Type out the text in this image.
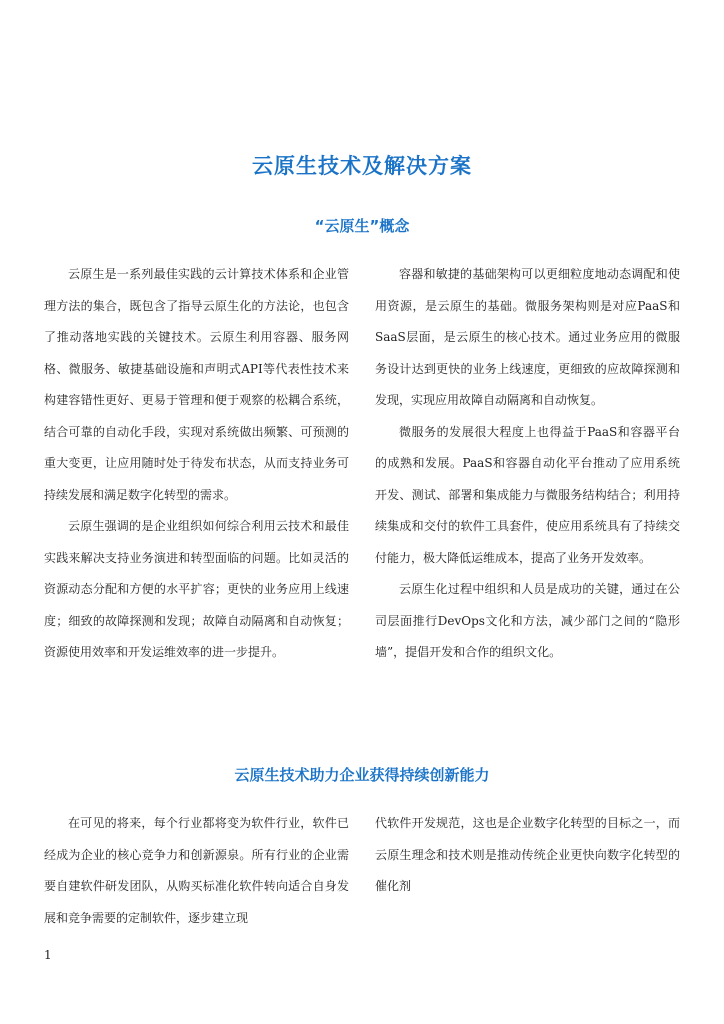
云原生技术及解决方案
“云原生”概念

云原生是一系列最佳实践的云计算技术体系和企业管理方法的集合，既包含了指导云原生化的方法论，也包含了推动落地实践的关键技术。云原生利用容器、服务网格、微服务、敏捷基础设施和声明式API等代表性技术来构建容错性更好、更易于管理和便于观察的松耦合系统，结合可靠的自动化手段，实现对系统做出频繁、可预测的重大变更，让应用随时处于待发布状态，从而支持业务可持续发展和满足数字化转型的需求。

云原生强调的是企业组织如何综合利用云技术和最佳实践来解决支持业务演进和转型面临的问题。比如灵活的资源动态分配和方便的水平扩容；更快的业务应用上线速度；细致的故障探测和发现；故障自动隔离和自动恢复；资源使用效率和开发运维效率的进一步提升。

容器和敏捷的基础架构可以更细粒度地动态调配和使用资源，是云原生的基础。微服务架构则是对应PaaS和SaaS层面，是云原生的核心技术。通过业务应用的微服务设计达到更快的业务上线速度，更细致的应故障探测和发现，实现应用故障自动隔离和自动恢复。

微服务的发展很大程度上也得益于PaaS和容器平台的成熟和发展。PaaS和容器自动化平台推动了应用系统开发、测试、部署和集成能力与微服务结构结合；利用持续集成和交付的软件工具套件，使应用系统具有了持续交付能力，极大降低运维成本，提高了业务开发效率。

云原生化过程中组织和人员是成功的关键，通过在公司层面推行DevOps文化和方法，减少部门之间的“隐形墙”，提倡开发和合作的组织文化。

云原生技术助力企业获得持续创新能力

在可见的将来，每个行业都将变为软件行业，软件已经成为企业的核心竞争力和创新源泉。所有行业的企业需要自建软件研发团队，从购买标准化软件转向适合自身发展和竞争需要的定制软件，逐步建立现

代软件开发规范，这也是企业数字化转型的目标之一，而云原生理念和技术则是推动传统企业更快向数字化转型的催化剂

1
